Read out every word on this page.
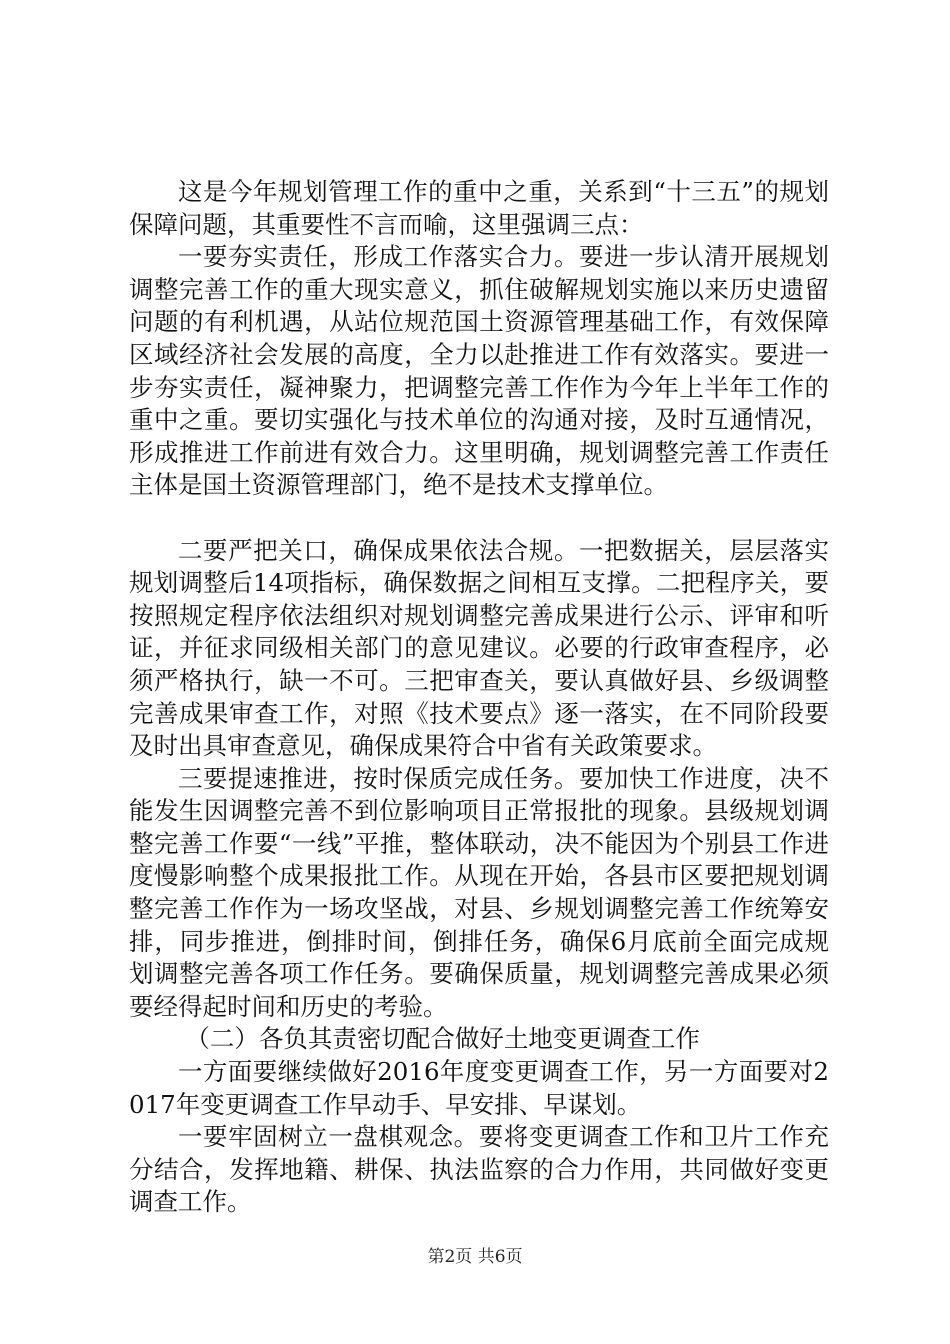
这是今年规划管理工作的重中之重，关系到“十三五”的规划保障问题，其重要性不言而喻，这里强调三点：

一要夯实责任，形成工作落实合力。要进一步认清开展规划调整完善工作的重大现实意义，抓住破解规划实施以来历史遗留问题的有利机遇，从站位规范国土资源管理基础工作，有效保障区域经济社会发展的高度，全力以赴推进工作有效落实。要进一步夯实责任，凝神聚力，把调整完善工作作为今年上半年工作的重中之重。要切实强化与技术单位的沟通对接，及时互通情况，形成推进工作前进有效合力。这里明确，规划调整完善工作责任主体是国土资源管理部门，绝不是技术支撑单位。

二要严把关口，确保成果依法合规。一把数据关，层层落实规划调整后14项指标，确保数据之间相互支撑。二把程序关，要按照规定程序依法组织对规划调整完善成果进行公示、评审和听证，并征求同级相关部门的意见建议。必要的行政审查程序，必须严格执行，缺一不可。三把审查关，要认真做好县、乡级调整完善成果审查工作，对照《技术要点》逐一落实，在不同阶段要及时出具审查意见，确保成果符合中省有关政策要求。

三要提速推进，按时保质完成任务。要加快工作进度，决不能发生因调整完善不到位影响项目正常报批的现象。县级规划调整完善工作要“一线”平推，整体联动，决不能因为个别县工作进度慢影响整个成果报批工作。从现在开始，各县市区要把规划调整完善工作作为一场攻坚战，对县、乡规划调整完善工作统筹安排，同步推进，倒排时间，倒排任务，确保6月底前全面完成规划调整完善各项工作任务。要确保质量，规划调整完善成果必须要经得起时间和历史的考验。

（二）各负其责密切配合做好土地变更调查工作

一方面要继续做好2016年度变更调查工作，另一方面要对2017年变更调查工作早动手、早安排、早谋划。

一要牢固树立一盘棋观念。要将变更调查工作和卫片工作充分结合，发挥地籍、耕保、执法监察的合力作用，共同做好变更调查工作。

第2页 共6页
